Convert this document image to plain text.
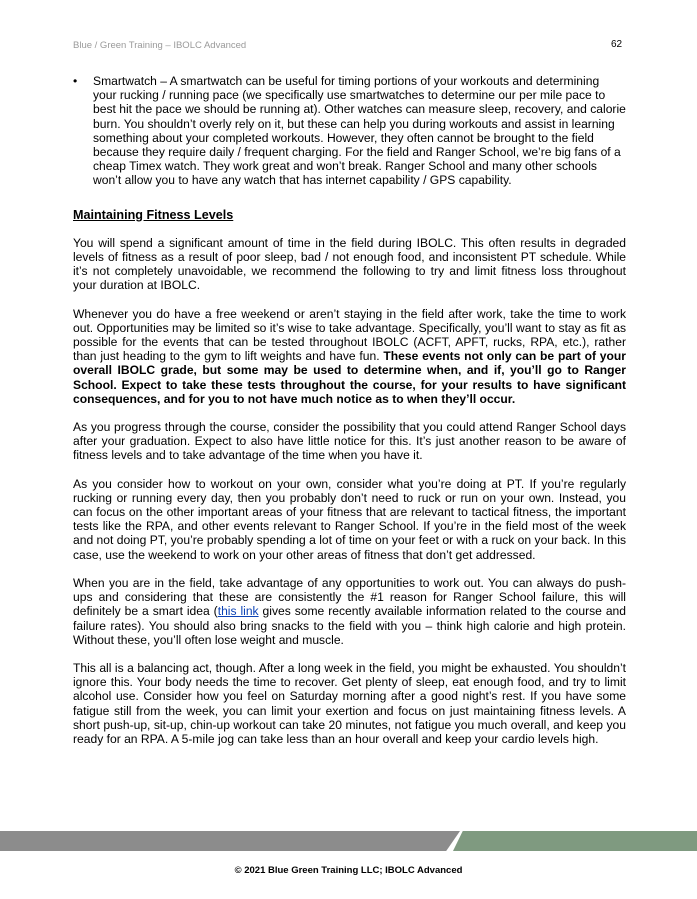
Blue / Green Training – IBOLC Advanced	62
• Smartwatch – A smartwatch can be useful for timing portions of your workouts and determining your rucking / running pace (we specifically use smartwatches to determine our per mile pace to best hit the pace we should be running at). Other watches can measure sleep, recovery, and calorie burn. You shouldn’t overly rely on it, but these can help you during workouts and assist in learning something about your completed workouts. However, they often cannot be brought to the field because they require daily / frequent charging. For the field and Ranger School, we’re big fans of a cheap Timex watch. They work great and won’t break. Ranger School and many other schools won’t allow you to have any watch that has internet capability / GPS capability.
Maintaining Fitness Levels

You will spend a significant amount of time in the field during IBOLC. This often results in degraded levels of fitness as a result of poor sleep, bad / not enough food, and inconsistent PT schedule. While it’s not completely unavoidable, we recommend the following to try and limit fitness loss throughout your duration at IBOLC.

Whenever you do have a free weekend or aren’t staying in the field after work, take the time to work out. Opportunities may be limited so it’s wise to take advantage. Specifically, you’ll want to stay as fit as possible for the events that can be tested throughout IBOLC (ACFT, APFT, rucks, RPA, etc.), rather than just heading to the gym to lift weights and have fun. These events not only can be part of your overall IBOLC grade, but some may be used to determine when, and if, you’ll go to Ranger School. Expect to take these tests throughout the course, for your results to have significant consequences, and for you to not have much notice as to when they’ll occur.

As you progress through the course, consider the possibility that you could attend Ranger School days after your graduation. Expect to also have little notice for this. It’s just another reason to be aware of fitness levels and to take advantage of the time when you have it.

As you consider how to workout on your own, consider what you’re doing at PT. If you’re regularly rucking or running every day, then you probably don’t need to ruck or run on your own. Instead, you can focus on the other important areas of your fitness that are relevant to tactical fitness, the important tests like the RPA, and other events relevant to Ranger School. If you’re in the field most of the week and not doing PT, you’re probably spending a lot of time on your feet or with a ruck on your back. In this case, use the weekend to work on your other areas of fitness that don’t get addressed.

When you are in the field, take advantage of any opportunities to work out. You can always do push-ups and considering that these are consistently the #1 reason for Ranger School failure, this will definitely be a smart idea (this link gives some recently available information related to the course and failure rates). You should also bring snacks to the field with you – think high calorie and high protein. Without these, you’ll often lose weight and muscle.

This all is a balancing act, though. After a long week in the field, you might be exhausted. You shouldn’t ignore this. Your body needs the time to recover. Get plenty of sleep, eat enough food, and try to limit alcohol use. Consider how you feel on Saturday morning after a good night’s rest. If you have some fatigue still from the week, you can limit your exertion and focus on just maintaining fitness levels. A short push-up, sit-up, chin-up workout can take 20 minutes, not fatigue you much overall, and keep you ready for an RPA. A 5-mile jog can take less than an hour overall and keep your cardio levels high.

© 2021 Blue Green Training LLC; IBOLC Advanced
